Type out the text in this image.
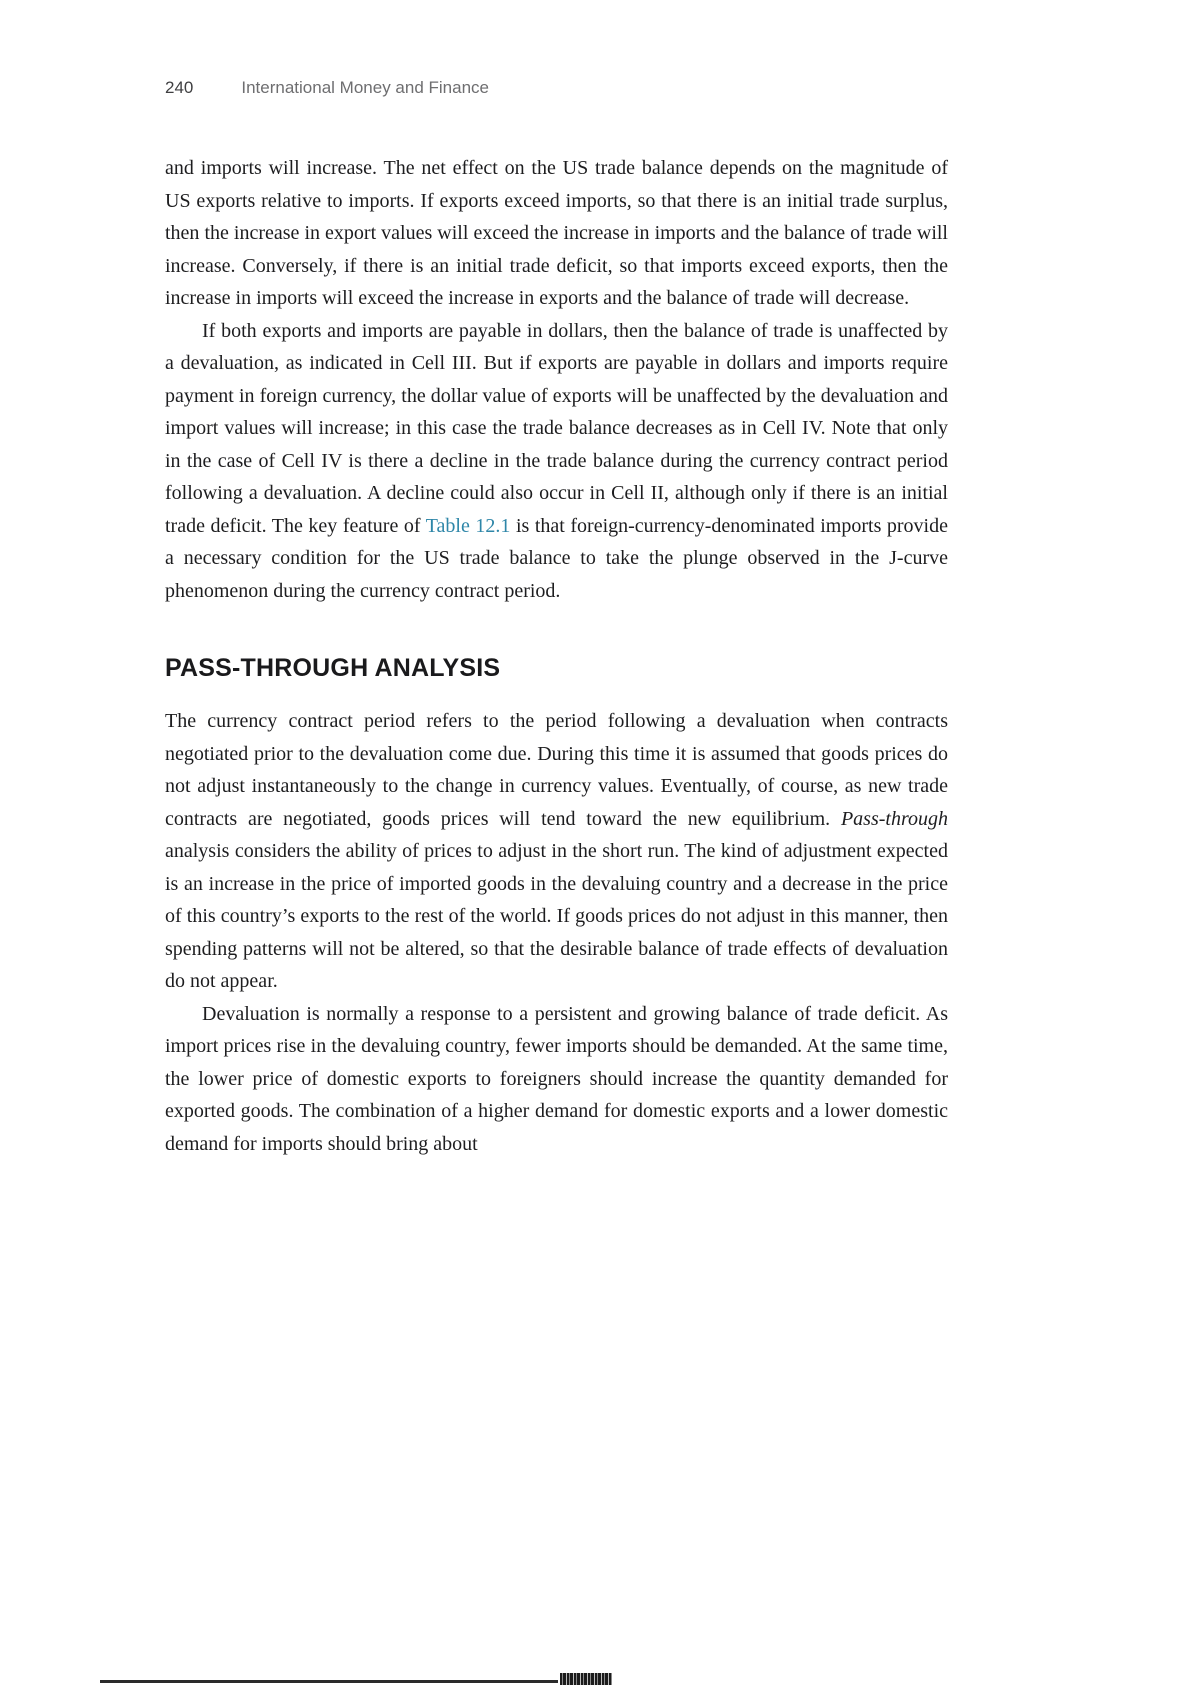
240	International Money and Finance

and imports will increase. The net effect on the US trade balance depends on the magnitude of US exports relative to imports. If exports exceed imports, so that there is an initial trade surplus, then the increase in export values will exceed the increase in imports and the balance of trade will increase. Conversely, if there is an initial trade deficit, so that imports exceed exports, then the increase in imports will exceed the increase in exports and the balance of trade will decrease.

If both exports and imports are payable in dollars, then the balance of trade is unaffected by a devaluation, as indicated in Cell III. But if exports are payable in dollars and imports require payment in foreign currency, the dollar value of exports will be unaffected by the devaluation and import values will increase; in this case the trade balance decreases as in Cell IV. Note that only in the case of Cell IV is there a decline in the trade balance during the currency contract period following a devaluation. A decline could also occur in Cell II, although only if there is an initial trade deficit. The key feature of Table 12.1 is that foreign-currency-denominated imports provide a necessary condition for the US trade balance to take the plunge observed in the J-curve phenomenon during the currency contract period.

PASS-THROUGH ANALYSIS

The currency contract period refers to the period following a devaluation when contracts negotiated prior to the devaluation come due. During this time it is assumed that goods prices do not adjust instantaneously to the change in currency values. Eventually, of course, as new trade contracts are negotiated, goods prices will tend toward the new equilibrium. Pass-through analysis considers the ability of prices to adjust in the short run. The kind of adjustment expected is an increase in the price of imported goods in the devaluing country and a decrease in the price of this country’s exports to the rest of the world. If goods prices do not adjust in this manner, then spending patterns will not be altered, so that the desirable balance of trade effects of devaluation do not appear.

Devaluation is normally a response to a persistent and growing balance of trade deficit. As import prices rise in the devaluing country, fewer imports should be demanded. At the same time, the lower price of domestic exports to foreigners should increase the quantity demanded for exported goods. The combination of a higher demand for domestic exports and a lower domestic demand for imports should bring about
